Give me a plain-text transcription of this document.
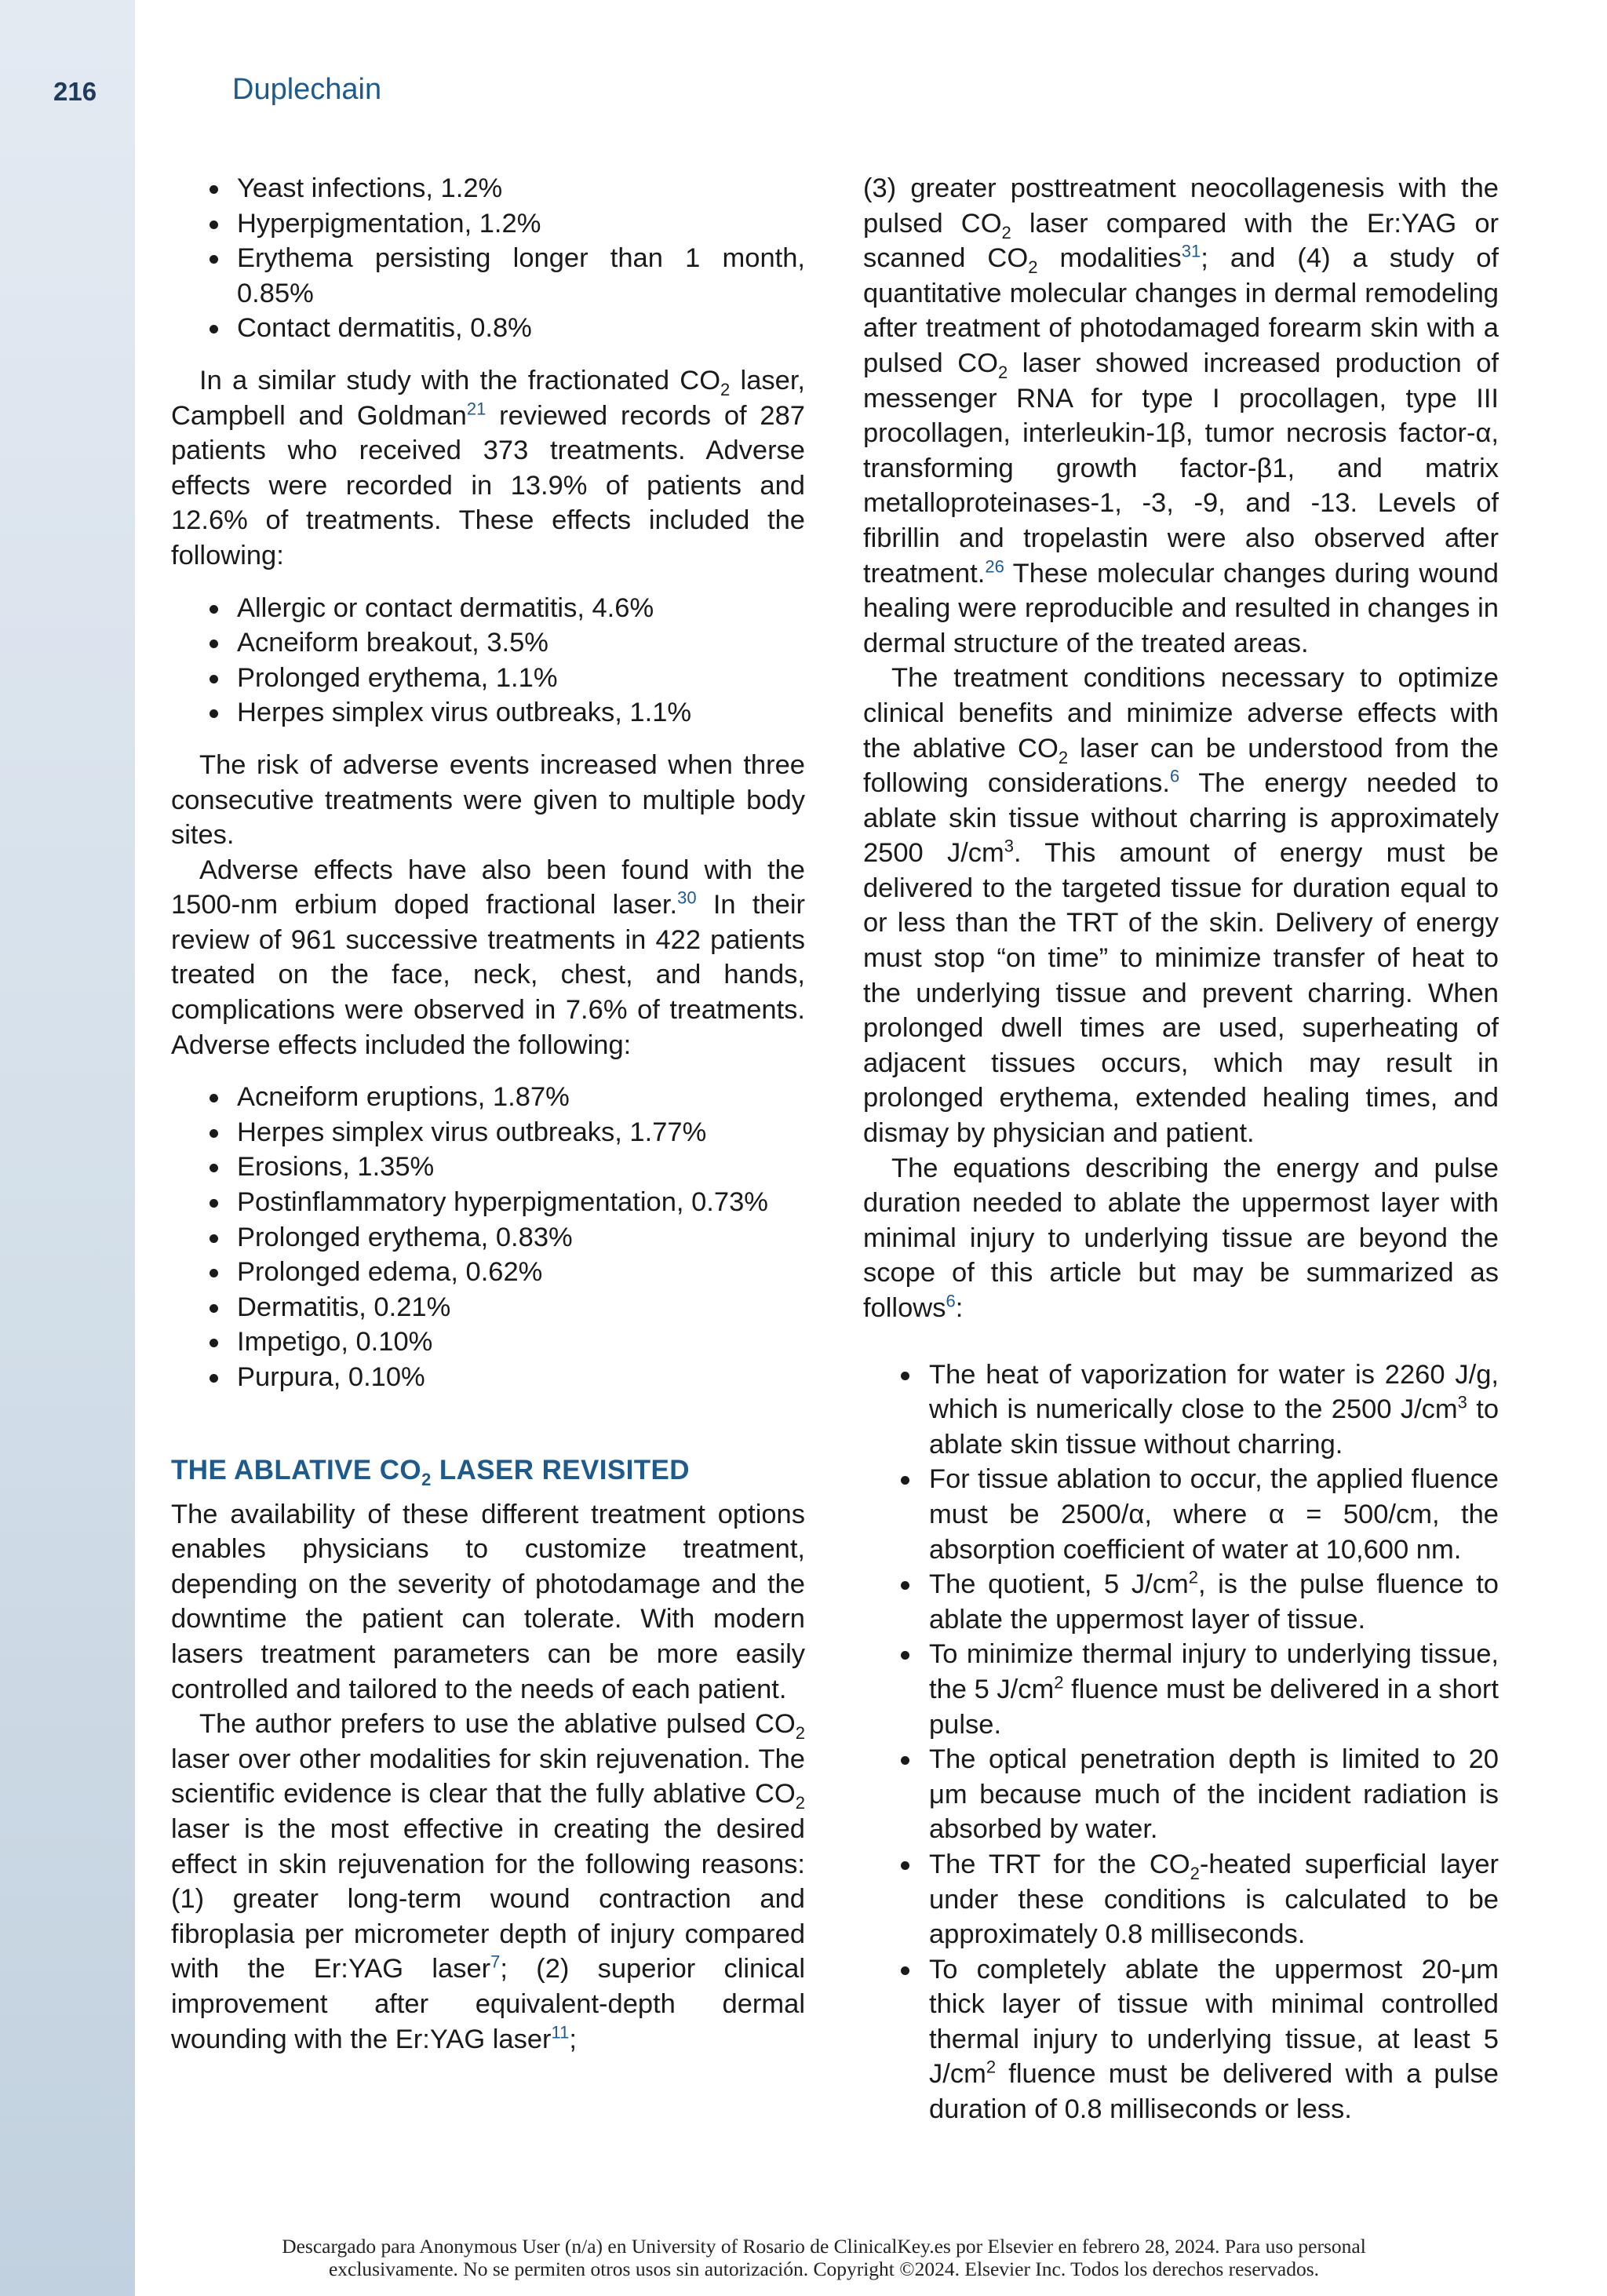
216	Duplechain
Yeast infections, 1.2%
Hyperpigmentation, 1.2%
Erythema persisting longer than 1 month, 0.85%
Contact dermatitis, 0.8%

In a similar study with the fractionated $CO_2$ laser, Campbell and Goldman$^{21}$ reviewed records of 287 patients who received 373 treatments. Adverse effects were recorded in 13.9% of patients and 12.6% of treatments. These effects included the following:

Allergic or contact dermatitis, 4.6%
Acneiform breakout, 3.5%
Prolonged erythema, 1.1%
Herpes simplex virus outbreaks, 1.1%

The risk of adverse events increased when three consecutive treatments were given to multiple body sites.

Adverse effects have also been found with the 1500-nm erbium doped fractional laser.$^{30}$ In their review of 961 successive treatments in 422 patients treated on the face, neck, chest, and hands, complications were observed in 7.6% of treatments. Adverse effects included the following:

Acneiform eruptions, 1.87%
Herpes simplex virus outbreaks, 1.77%
Erosions, 1.35%
Postinflammatory hyperpigmentation, 0.73%
Prolonged erythema, 0.83%
Prolonged edema, 0.62%
Dermatitis, 0.21%
Impetigo, 0.10%
Purpura, 0.10%
THE ABLATIVE $CO_2$ LASER REVISITED

The availability of these different treatment options enables physicians to customize treatment, depending on the severity of photodamage and the downtime the patient can tolerate. With modern lasers treatment parameters can be more easily controlled and tailored to the needs of each patient.

The author prefers to use the ablative pulsed $CO_2$ laser over other modalities for skin rejuvenation. The scientific evidence is clear that the fully ablative $CO_2$ laser is the most effective in creating the desired effect in skin rejuvenation for the following reasons: (1) greater long-term wound contraction and fibroplasia per micrometer depth of injury compared with the Er:YAG laser$^7$; (2) superior clinical improvement after equivalent-depth dermal wounding with the Er:YAG laser$^{11}$;

(3) greater posttreatment neocollagenesis with the pulsed $CO_2$ laser compared with the Er:YAG or scanned $CO_2$ modalities$^{31}$; and (4) a study of quantitative molecular changes in dermal remodeling after treatment of photodamaged forearm skin with a pulsed $CO_2$ laser showed increased production of messenger RNA for type I procollagen, type III procollagen, interleukin-1β, tumor necrosis factor-α, transforming growth factor-β1, and matrix metalloproteinases-1, -3, -9, and -13. Levels of fibrillin and tropelastin were also observed after treatment.$^{26}$ These molecular changes during wound healing were reproducible and resulted in changes in dermal structure of the treated areas.

The treatment conditions necessary to optimize clinical benefits and minimize adverse effects with the ablative $CO_2$ laser can be understood from the following considerations.$^6$ The energy needed to ablate skin tissue without charring is approximately 2500 $J/cm^3$. This amount of energy must be delivered to the targeted tissue for duration equal to or less than the TRT of the skin. Delivery of energy must stop “on time” to minimize transfer of heat to the underlying tissue and prevent charring. When prolonged dwell times are used, superheating of adjacent tissues occurs, which may result in prolonged erythema, extended healing times, and dismay by physician and patient.

The equations describing the energy and pulse duration needed to ablate the uppermost layer with minimal injury to underlying tissue are beyond the scope of this article but may be summarized as follows$^6$:

The heat of vaporization for water is 2260 J/g, which is numerically close to the 2500 $J/cm^3$ to ablate skin tissue without charring.
For tissue ablation to occur, the applied fluence must be 2500/α, where α = 500/cm, the absorption coefficient of water at 10,600 nm.
The quotient, 5 $J/cm^2$, is the pulse fluence to ablate the uppermost layer of tissue.
To minimize thermal injury to underlying tissue, the 5 $J/cm^2$ fluence must be delivered in a short pulse.
The optical penetration depth is limited to 20 μm because much of the incident radiation is absorbed by water.
The TRT for the $CO_2$-heated superficial layer under these conditions is calculated to be approximately 0.8 milliseconds.
To completely ablate the uppermost 20-μm thick layer of tissue with minimal controlled thermal injury to underlying tissue, at least 5 $J/cm^2$ fluence must be delivered with a pulse duration of 0.8 milliseconds or less.
Descargado para Anonymous User (n/a) en University of Rosario de ClinicalKey.es por Elsevier en febrero 28, 2024. Para uso personal
exclusivamente. No se permiten otros usos sin autorización. Copyright ©2024. Elsevier Inc. Todos los derechos reservados.
